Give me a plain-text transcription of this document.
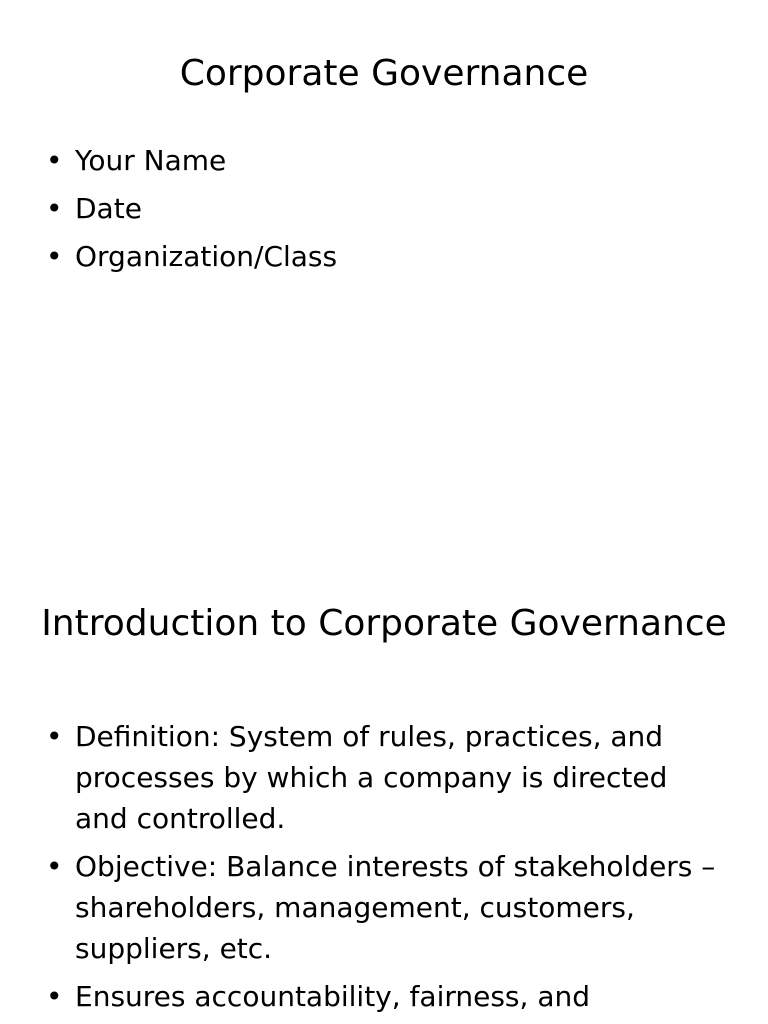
Corporate Governance
• Your Name
• Date
• Organization/Class
Introduction to Corporate Governance
• Definition: System of rules, practices, and processes by which a company is directed and controlled.
• Objective: Balance interests of stakeholders – shareholders, management, customers, suppliers, etc.
• Ensures accountability, fairness, and
